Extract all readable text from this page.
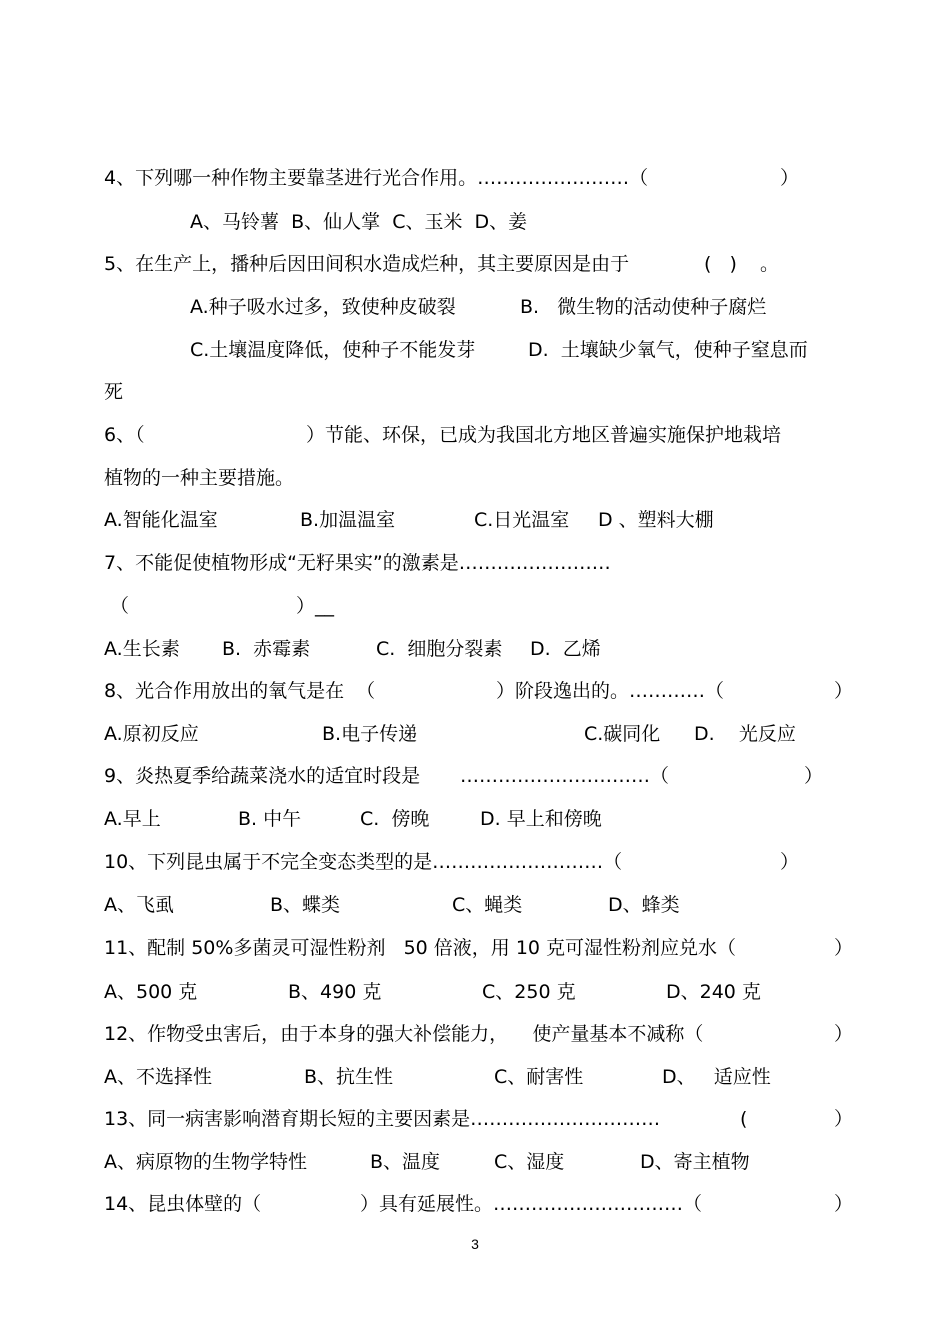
4、下列哪一种作物主要靠茎进行光合作用。……………………（

	）

A、马铃薯  B、仙人掌  C、玉米  D、姜

5、在生产上，播种后因田间积水造成烂种，其主要原因是由于

	(   )

。

A.种子吸水过多，致使种皮破裂

	B.   微生物的活动使种子腐烂

C.土壤温度降低，使种子不能发芽

	D.  土壤缺少氧气，使种子窒息而

死

6、（

	）节能、环保，已成为我国北方地区普遍实施保护地栽培

植物的一种主要措施。

A.智能化温室

	B.加温温室

	C.日光温室

D 、塑料大棚

7、不能促使植物形成“无籽果实”的激素是……………………

（

	）__

A.生长素

B.  赤霉素

	C.  细胞分裂素

D.  乙烯

8、光合作用放出的氧气是在  （

	）阶段逸出的。…………（

	）

A.原初反应

	B.电子传递

	C.碳同化

D.    光反应

9、炎热夏季给蔬菜浇水的适宜时段是

…………………………（

	）

A.早上

	B. 中午

	C.  傍晚

	D. 早上和傍晚

10、下列昆虫属于不完全变态类型的是………………………（

	）

A、飞虱

	B、蝶类

	C、蝇类

	D、蜂类

11、配制 50%多菌灵可湿性粉剂   50 倍液，用 10 克可湿性粉剂应兑水（

	）

A、500 克

	B、490 克

	C、250 克

	D、240 克

12、作物受虫害后，由于本身的强大补偿能力，    使产量基本不减称（

	）

A、不选择性

	B、抗生性

	C、耐害性

	D、   适应性

13、同一病害影响潜育期长短的主要因素是…………………………

	(

	）

A、病原物的生物学特性

	B、温度

	C、湿度

	D、寄主植物

14、昆虫体壁的（

	）具有延展性。…………………………（

	）

3
